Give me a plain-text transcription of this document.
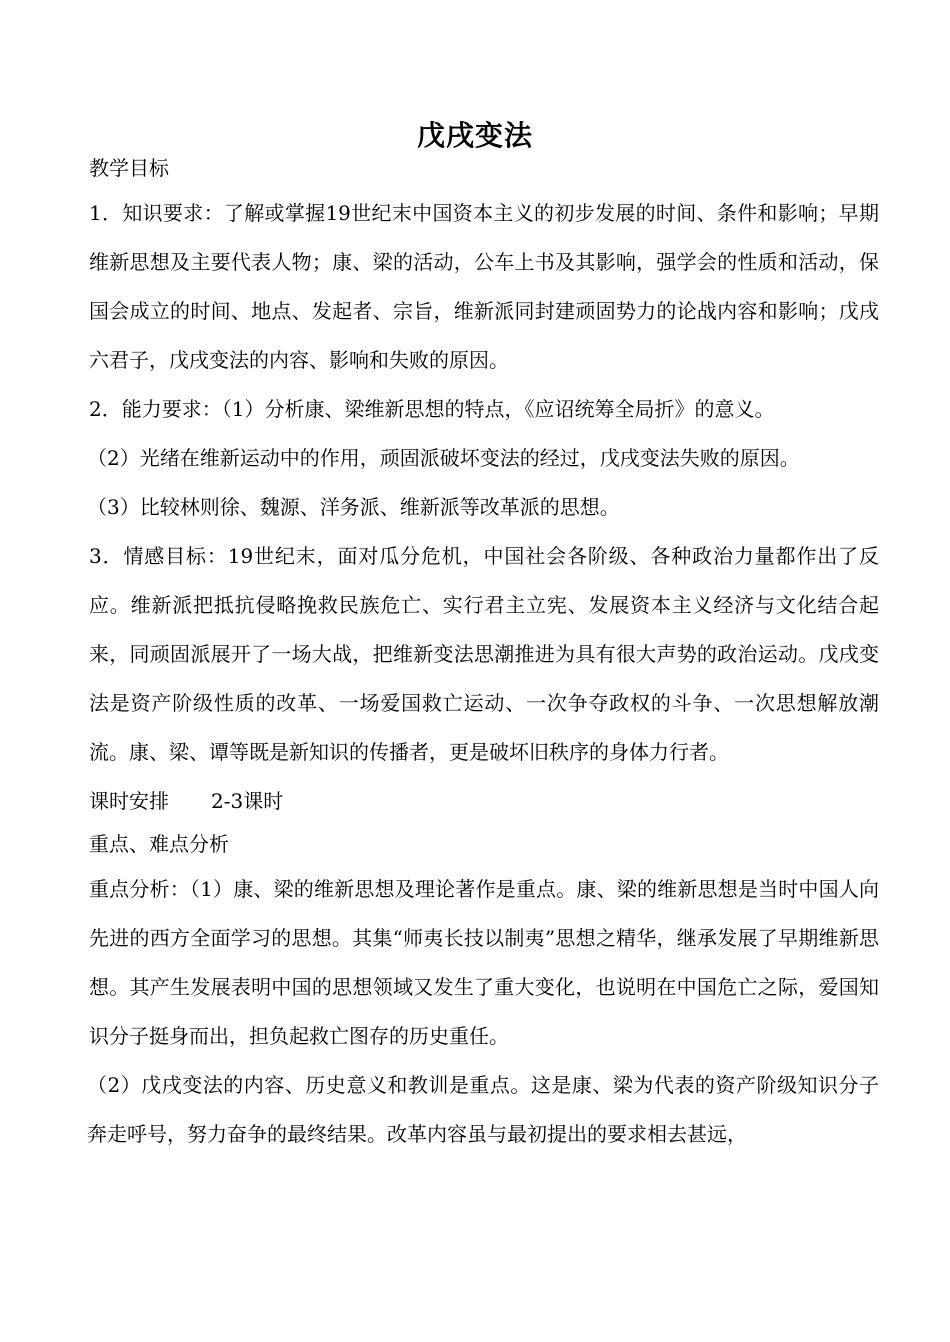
戊戌变法

教学目标

1．知识要求：了解或掌握19世纪末中国资本主义的初步发展的时间、条件和影响；早期维新思想及主要代表人物；康、梁的活动，公车上书及其影响，强学会的性质和活动，保国会成立的时间、地点、发起者、宗旨，维新派同封建顽固势力的论战内容和影响；戊戌六君子，戊戌变法的内容、影响和失败的原因。

2．能力要求：（1）分析康、梁维新思想的特点，《应诏统筹全局折》的意义。

（2）光绪在维新运动中的作用，顽固派破坏变法的经过，戊戌变法失败的原因。

（3）比较林则徐、魏源、洋务派、维新派等改革派的思想。

3．情感目标：19世纪末，面对瓜分危机，中国社会各阶级、各种政治力量都作出了反应。维新派把抵抗侵略挽救民族危亡、实行君主立宪、发展资本主义经济与文化结合起来，同顽固派展开了一场大战，把维新变法思潮推进为具有很大声势的政治运动。戊戌变法是资产阶级性质的改革、一场爱国救亡运动、一次争夺政权的斗争、一次思想解放潮流。康、梁、谭等既是新知识的传播者，更是破坏旧秩序的身体力行者。

课时安排 2-3课时

重点、难点分析

重点分析：（1）康、梁的维新思想及理论著作是重点。康、梁的维新思想是当时中国人向先进的西方全面学习的思想。其集“师夷长技以制夷”思想之精华，继承发展了早期维新思想。其产生发展表明中国的思想领域又发生了重大变化，也说明在中国危亡之际，爱国知识分子挺身而出，担负起救亡图存的历史重任。

（2）戊戌变法的内容、历史意义和教训是重点。这是康、梁为代表的资产阶级知识分子奔走呼号，努力奋争的最终结果。改革内容虽与最初提出的要求相去甚远，
